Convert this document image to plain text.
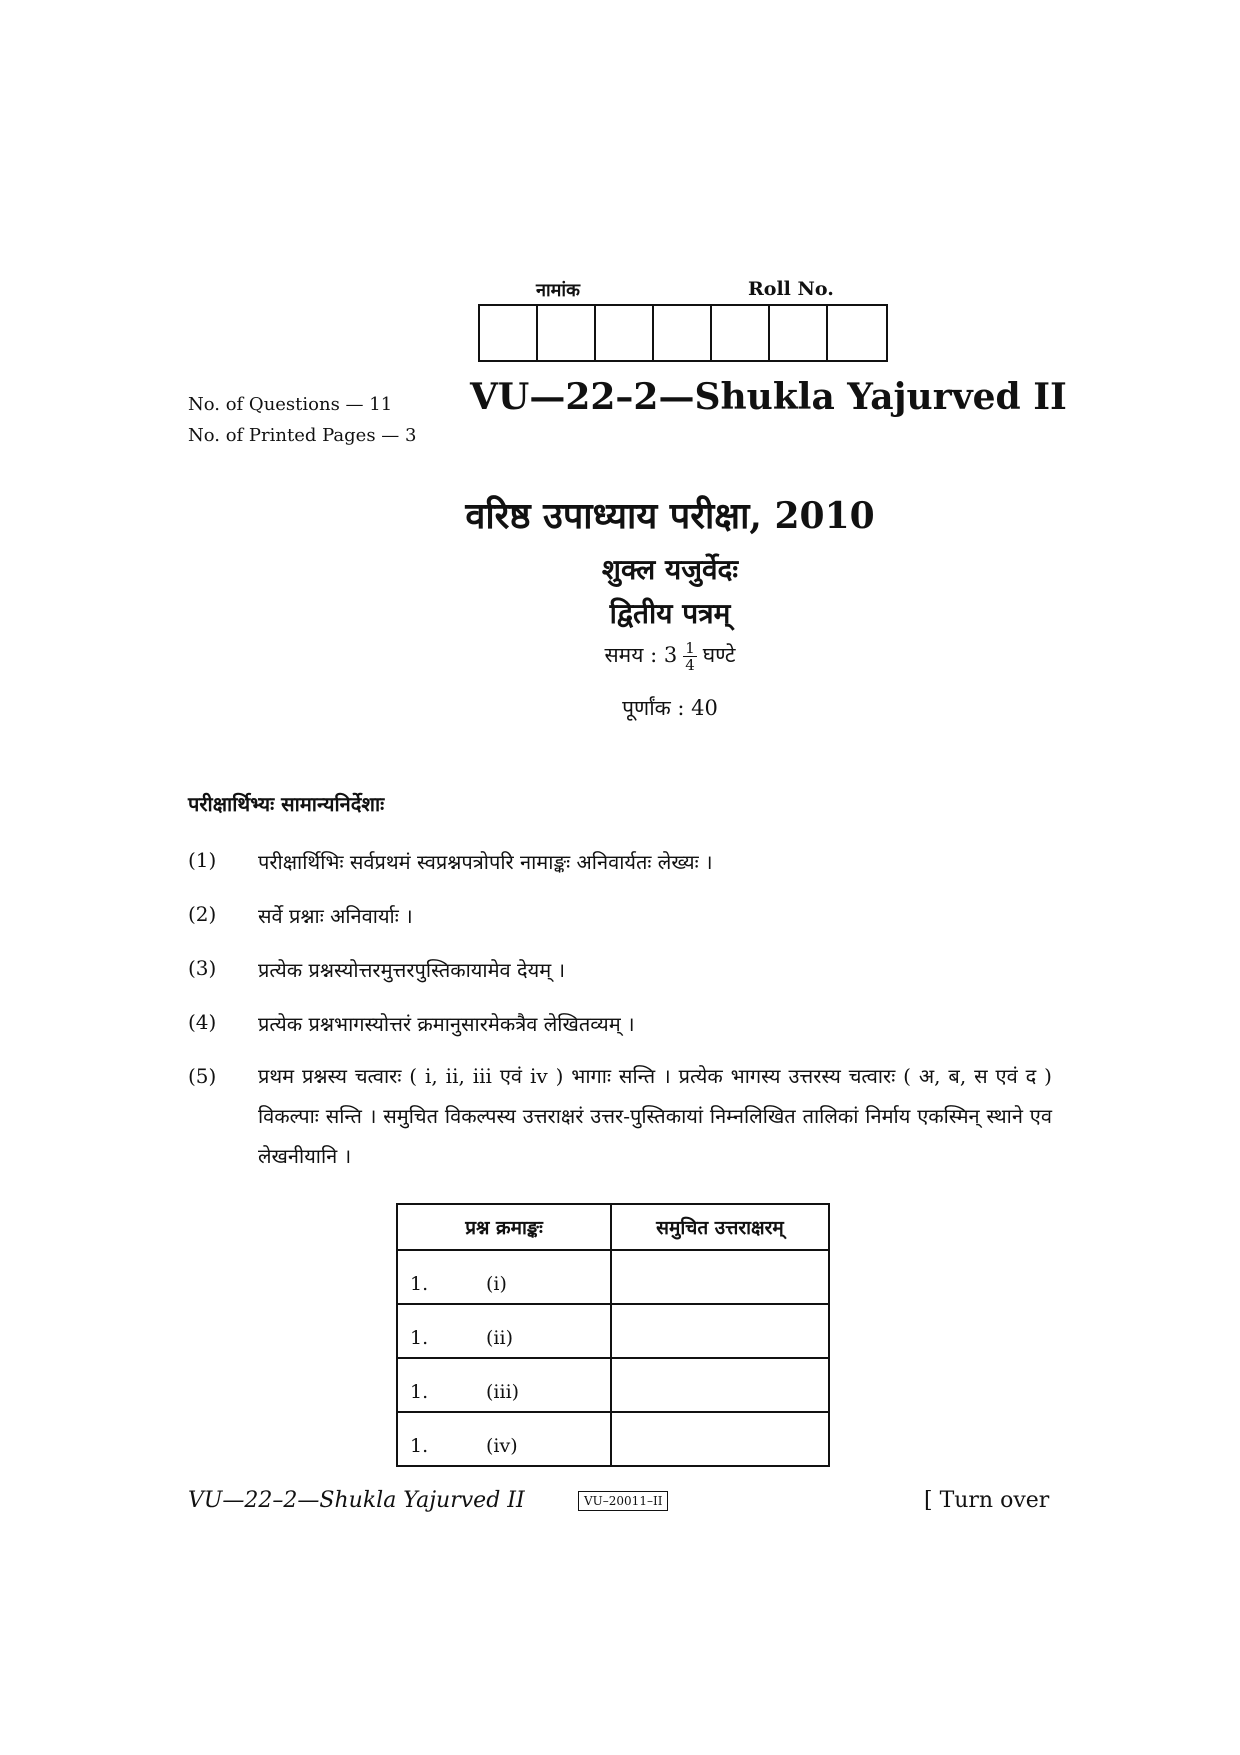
नामांक	Roll No.
No. of Questions — 11
No. of Printed Pages — 3
VU—22–2—Shukla Yajurved II
वरिष्ठ उपाध्याय परीक्षा, 2010
शुक्ल यजुर्वेदः
द्वितीय पत्रम्
समय : $3 \frac{1}{4}$ घण्टे
पूर्णांक : 40
परीक्षार्थिभ्यः सामान्यनिर्देशाः
(1) परीक्षार्थिभिः सर्वप्रथमं स्वप्रश्नपत्रोपरि नामाङ्कः अनिवार्यतः लेख्यः ।
(2) सर्वे प्रश्नाः अनिवार्याः ।
(3) प्रत्येक प्रश्नस्योत्तरमुत्तरपुस्तिकायामेव देयम् ।
(4) प्रत्येक प्रश्नभागस्योत्तरं क्रमानुसारमेकत्रैव लेखितव्यम् ।
(5) प्रथम प्रश्नस्य चत्वारः ( i, ii, iii एवं iv ) भागाः सन्ति । प्रत्येक भागस्य उत्तरस्य चत्वारः ( अ, ब, स एवं द ) विकल्पाः सन्ति । समुचित विकल्पस्य उत्तराक्षरं उत्तर-पुस्तिकायां निम्नलिखित तालिकां निर्माय एकस्मिन् स्थाने एव लेखनीयानि ।
प्रश्न क्रमाङ्कः	समुचित उत्तराक्षरम्
1. (i)	
1. (ii)	
1. (iii)	
1. (iv)	
VU—22–2—Shukla Yajurved II	VU–20011–II	[ Turn over
